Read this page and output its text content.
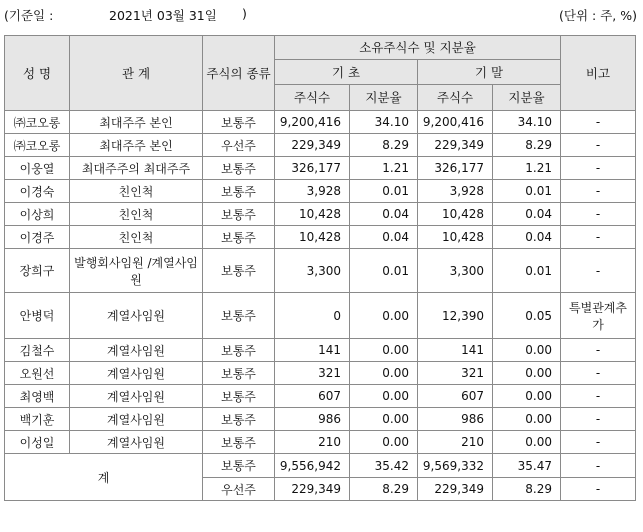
(기준일 :	2021년 03월 31일 )	(단위 : 주, %)
성 명	관 계	주식의 종류	소유주식수 및 지분율				비고
			기 초		기 말		
			주식수	지분율	주식수	지분율	
㈜코오롱	최대주주 본인	보통주	9,200,416	34.10	9,200,416	34.10	-
㈜코오롱	최대주주 본인	우선주	229,349	8.29	229,349	8.29	-
이웅열	최대주주의 최대주주	보통주	326,177	1.21	326,177	1.21	-
이경숙	친인척	보통주	3,928	0.01	3,928	0.01	-
이상희	친인척	보통주	10,428	0.04	10,428	0.04	-
이경주	친인척	보통주	10,428	0.04	10,428	0.04	-
장희구	발행회사임원 /계열사임원	보통주	3,300	0.01	3,300	0.01	-
안병덕	계열사임원	보통주	0	0.00	12,390	0.05	특별관계추가
김철수	계열사임원	보통주	141	0.00	141	0.00	-
오원선	계열사임원	보통주	321	0.00	321	0.00	-
최영백	계열사임원	보통주	607	0.00	607	0.00	-
백기훈	계열사임원	보통주	986	0.00	986	0.00	-
이성일	계열사임원	보통주	210	0.00	210	0.00	-
계		보통주	9,556,942	35.42	9,569,332	35.47	-
		우선주	229,349	8.29	229,349	8.29	-
